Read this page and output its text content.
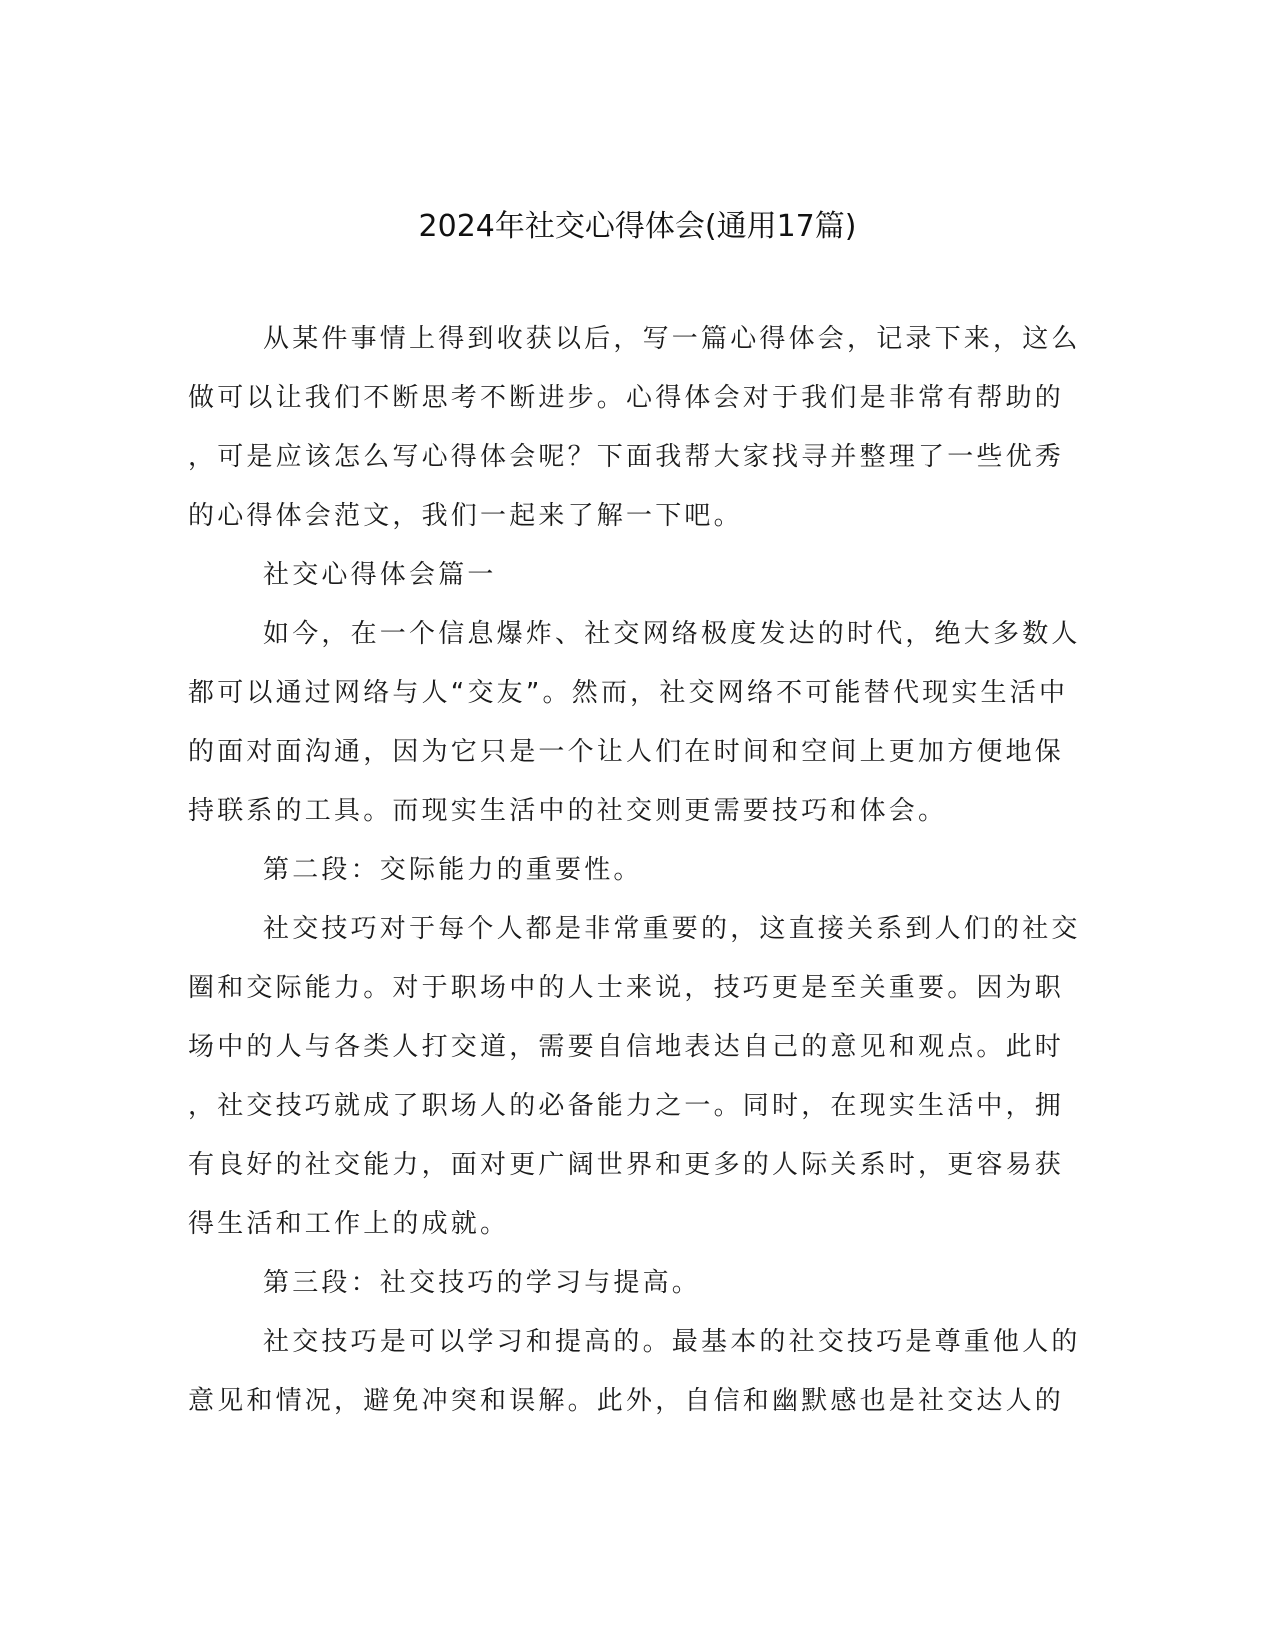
2024年社交心得体会(通用17篇)
从某件事情上得到收获以后，写一篇心得体会，记录下来，这么
做可以让我们不断思考不断进步。心得体会对于我们是非常有帮助的
，可是应该怎么写心得体会呢？下面我帮大家找寻并整理了一些优秀
的心得体会范文，我们一起来了解一下吧。
社交心得体会篇一
如今，在一个信息爆炸、社交网络极度发达的时代，绝大多数人
都可以通过网络与人“交友”。然而，社交网络不可能替代现实生活中
的面对面沟通，因为它只是一个让人们在时间和空间上更加方便地保
持联系的工具。而现实生活中的社交则更需要技巧和体会。
第二段：交际能力的重要性。
社交技巧对于每个人都是非常重要的，这直接关系到人们的社交
圈和交际能力。对于职场中的人士来说，技巧更是至关重要。因为职
场中的人与各类人打交道，需要自信地表达自己的意见和观点。此时
，社交技巧就成了职场人的必备能力之一。同时，在现实生活中，拥
有良好的社交能力，面对更广阔世界和更多的人际关系时，更容易获
得生活和工作上的成就。
第三段：社交技巧的学习与提高。
社交技巧是可以学习和提高的。最基本的社交技巧是尊重他人的
意见和情况，避免冲突和误解。此外，自信和幽默感也是社交达人的
